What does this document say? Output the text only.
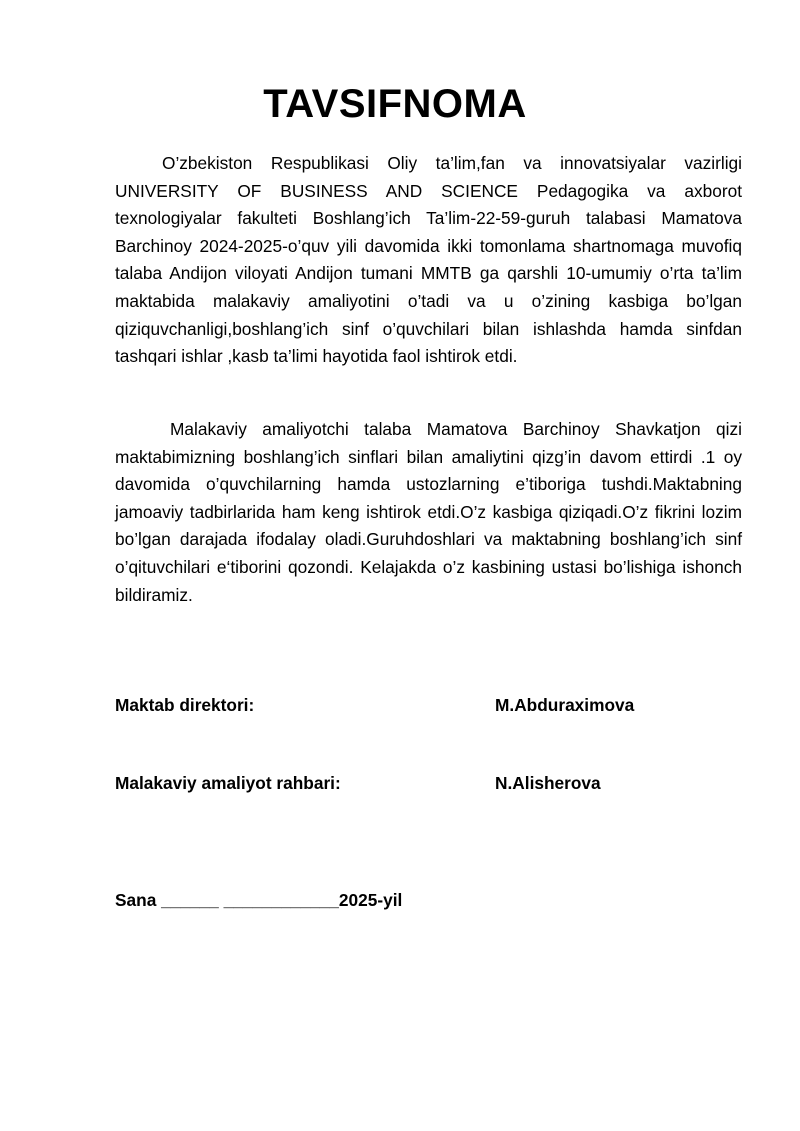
TAVSIFNOMA

O’zbekiston Respublikasi Oliy ta’lim,fan va innovatsiyalar vazirligi UNIVERSITY OF BUSINESS AND SCIENCE Pedagogika va axborot texnologiyalar fakulteti Boshlang’ich Ta’lim-22-59-guruh talabasi Mamatova Barchinoy 2024-2025-o’quv yili davomida ikki tomonlama shartnomaga muvofiq talaba Andijon viloyati Andijon tumani MMTB ga qarshli 10-umumiy o’rta ta’lim maktabida malakaviy amaliyotini o’tadi va u o’zining kasbiga bo’lgan qiziquvchanligi,boshlang’ich sinf o’quvchilari bilan ishlashda hamda sinfdan tashqari ishlar ,kasb ta’limi hayotida faol ishtirok etdi.

Malakaviy amaliyotchi talaba Mamatova Barchinoy Shavkatjon qizi maktabimizning boshlang’ich sinflari bilan amaliytini qizg’in davom ettirdi .1 oy davomida o’quvchilarning hamda ustozlarning e’tiboriga tushdi.Maktabning jamoaviy tadbirlarida ham keng ishtirok etdi.O’z kasbiga qiziqadi.O’z fikrini lozim bo’lgan darajada ifodalay oladi.Guruhdoshlari va maktabning boshlang’ich sinf o’qituvchilari e‘tiborini qozondi. Kelajakda o’z kasbining ustasi bo’lishiga ishonch bildiramiz.

Maktab direktori:	M.Abduraximova

Malakaviy amaliyot rahbari:	N.Alisherova

Sana ______ ____________2025-yil
